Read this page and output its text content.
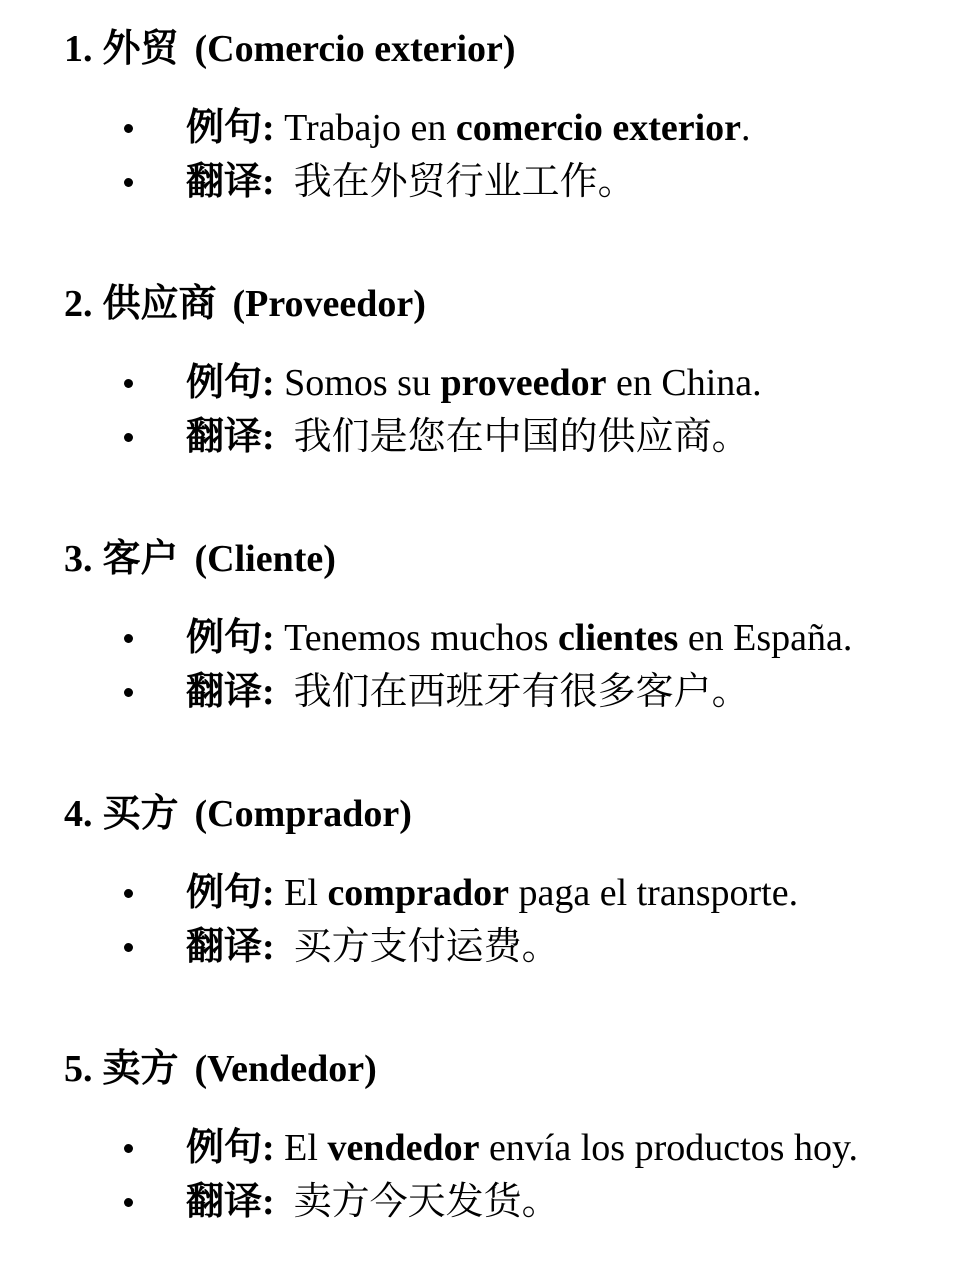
1. 外贸 (Comercio exterior)
例句: Trabajo en comercio exterior.
翻译: 我在外贸行业工作。
2. 供应商 (Proveedor)
例句: Somos su proveedor en China.
翻译: 我们是您在中国的供应商。
3. 客户 (Cliente)
例句: Tenemos muchos clientes en España.
翻译: 我们在西班牙有很多客户。
4. 买方 (Comprador)
例句: El comprador paga el transporte.
翻译: 买方支付运费。
5. 卖方 (Vendedor)
例句: El vendedor envía los productos hoy.
翻译: 卖方今天发货。
